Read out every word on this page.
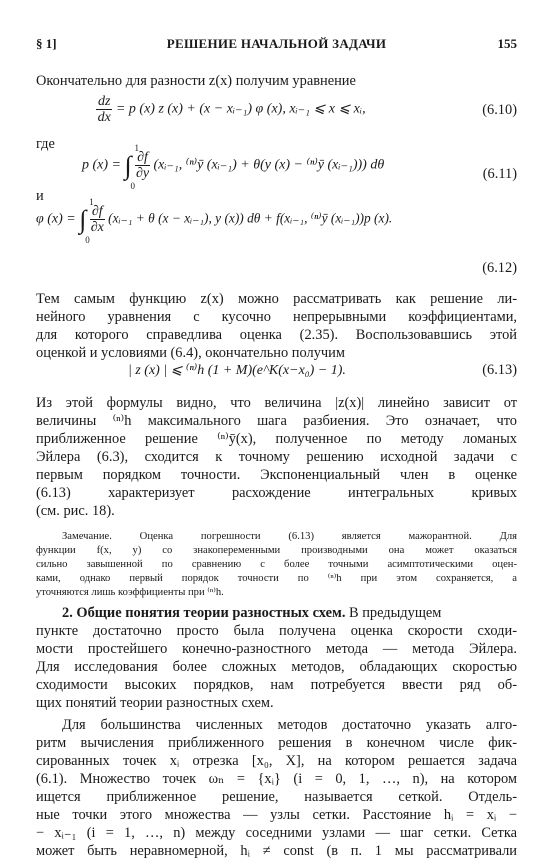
§ 1]	РЕШЕНИЕ НАЧАЛЬНОЙ ЗАДАЧИ	155
Окончательно для разности z(x) получим уравнение
$\frac{dz}{dx} = p$ (x) z (x) + (x − xᵢ₋₁) φ (x), xᵢ₋₁ ⩽ x ⩽ xᵢ,	(6.10)
где
p (x) = ∫
1
0

$\frac{\partial f}{\partial y}$ (xᵢ₋₁, ⁽ⁿ⁾ȳ (xᵢ₋₁) + θ(y (x) − ⁽ⁿ⁾ȳ (xᵢ₋₁))) dθ
(6.11)
и
φ (x) = ∫
1
0

$\frac{\partial f}{\partial x}$ (xᵢ₋₁ + θ (x − xᵢ₋₁), y (x)) dθ + f(xᵢ₋₁, ⁽ⁿ⁾ȳ (xᵢ₋₁))p (x).
(6.12)
Тем самым функцию z(x) можно рассматривать как решение ли-
нейного уравнения с кусочно непрерывными коэффициентами,
для которого справедлива оценка (2.35). Воспользовавшись этой
оценкой и условиями (6.4), окончательно получим
| z (x) | ⩽ ⁽ⁿ⁾h (1 + M)(e^K(x−x₀) − 1).	(6.13)
Из этой формулы видно, что величина |z(x)| линейно зависит от
величины ⁽ⁿ⁾h максимального шага разбиения. Это означает, что
приближенное решение ⁽ⁿ⁾ȳ(x), полученное по методу ломаных
Эйлера (6.3), сходится к точному решению исходной задачи с
первым порядком точности. Экспоненциальный член в оценке
(6.13) характеризует расхождение интегральных кривых
(см. рис. 18).
Замечание. Оценка погрешности (6.13) является мажорантной. Для
функции f(x, y) со знакопеременными производными она может оказаться
сильно завышенной по сравнению с более точными асимптотическими оцен-
ками, однако первый порядок точности по ⁽ⁿ⁾h при этом сохраняется, а
уточняются лишь коэффициенты при ⁽ⁿ⁾h.
2. Общие понятия теории разностных схем. В предыдущем
пункте достаточно просто была получена оценка скорости сходи-
мости простейшего конечно-разностного метода — метода Эйлера.
Для исследования более сложных методов, обладающих скоростью
сходимости высоких порядков, нам потребуется ввести ряд об-
щих понятий теории разностных схем.
Для большинства численных методов достаточно указать алго-
ритм вычисления приближенного решения в конечном числе фик-
сированных точек xᵢ отрезка [x₀, X], на котором решается задача
(6.1). Множество точек ωₙ = {xᵢ} (i = 0, 1, …, n), на котором
ищется приближенное решение, называется сеткой. Отдель-
ные точки этого множества — узлы сетки. Расстояние hᵢ = xᵢ −
− xᵢ₋₁ (i = 1, …, n) между соседними узлами — шаг сетки. Сетка
может быть неравномерной, hᵢ ≠ const (в п. 1 мы рассматривали
